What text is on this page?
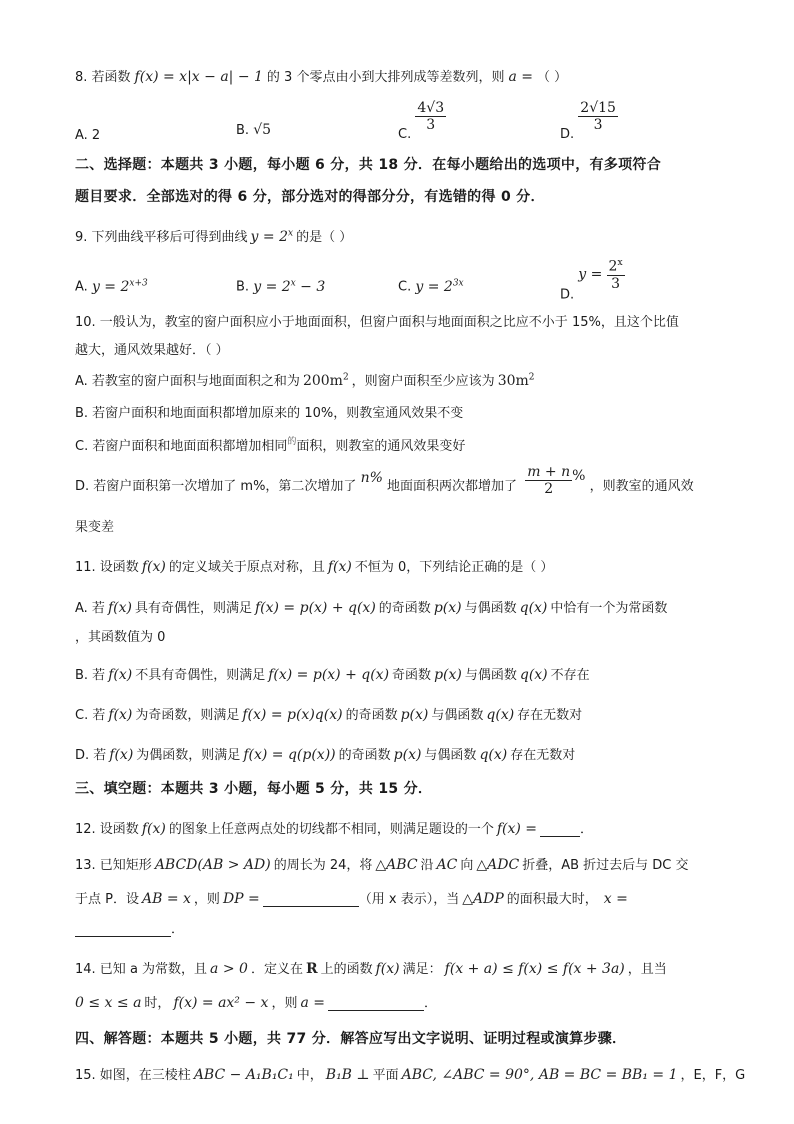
8. 若函数 f(x) = x|x − a| − 1 的 3 个零点由小到大排列成等差数列，则 a = （ ）
A. 2	B. √5	C.
$\frac{4√3}{3}$
D.
$\frac{2√15}{3}$
二、选择题：本题共 3 小题，每小题 6 分，共 18 分．在每小题给出的选项中，有多项符合
题目要求．全部选对的得 6 分，部分选对的得部分分，有选错的得 0 分．
9. 下列曲线平移后可得到曲线 $y = 2^x$ 的是（ ）
A. $y = 2^{x+3}$	B. $y = 2^x - 3$	C. $y = 2^{3x}$
D. $y = \frac{2^x}{3}$
10. 一般认为，教室的窗户面积应小于地面面积，但窗户面积与地面面积之比应不小于 15%，且这个比值
越大，通风效果越好．（ ）
A. 若教室的窗户面积与地面面积之和为 $200m^2$ ，则窗户面积至少应该为 $30m^2$
B. 若窗户面积和地面面积都增加原来的 10%，则教室通风效果不变
C. 若窗户面积和地面面积都增加相同$^的$面积，则教室的通风效果变好
D. 若窗户面积第一次增加了 m%，第二次增加了 n% 地面面积两次都增加了 $\frac{m + n}{2}$ % ，则教室的通风效
果变差
11. 设函数 f(x) 的定义域关于原点对称，且 f(x) 不恒为 0，下列结论正确的是（ ）
A. 若 f(x) 具有奇偶性，则满足 f(x) = p(x) + q(x) 的奇函数 p(x) 与偶函数 q(x) 中恰有一个为常函数
，其函数值为 0
B. 若 f(x) 不具有奇偶性，则满足 f(x) = p(x) + q(x) 奇函数 p(x) 与偶函数 q(x) 不存在
C. 若 f(x) 为奇函数，则满足 f(x) = p(x)q(x) 的奇函数 p(x) 与偶函数 q(x) 存在无数对
D. 若 f(x) 为偶函数，则满足 f(x) = q(p(x)) 的奇函数 p(x) 与偶函数 q(x) 存在无数对
三、填空题：本题共 3 小题，每小题 5 分，共 15 分．
12. 设函数 f(x) 的图象上任意两点处的切线都不相同，则满足题设的一个 f(x) =	．
13. 已知矩形 ABCD(AB > AD) 的周长为 24，将 △ABC 沿 AC 向 △ADC 折叠，AB 折过去后与 DC 交
于点 P．设 AB = x ，则 DP =	（用 x 表示），当 △ADP 的面积最大时， x =
．
14. 已知 a 为常数，且 a > 0 ．定义在 R 上的函数 f(x) 满足： f(x + a) ≤ f(x) ≤ f(x + 3a) ，且当
0 ≤ x ≤ a 时， f(x) = ax² − x ，则 a =	．
四、解答题：本题共 5 小题，共 77 分．解答应写出文字说明、证明过程或演算步骤．
15. 如图，在三棱柱 ABC − A₁B₁C₁ 中， B₁B ⊥ 平面 ABC, ∠ABC = 90°, AB = BC = BB₁ = 1 ，E，F，G
